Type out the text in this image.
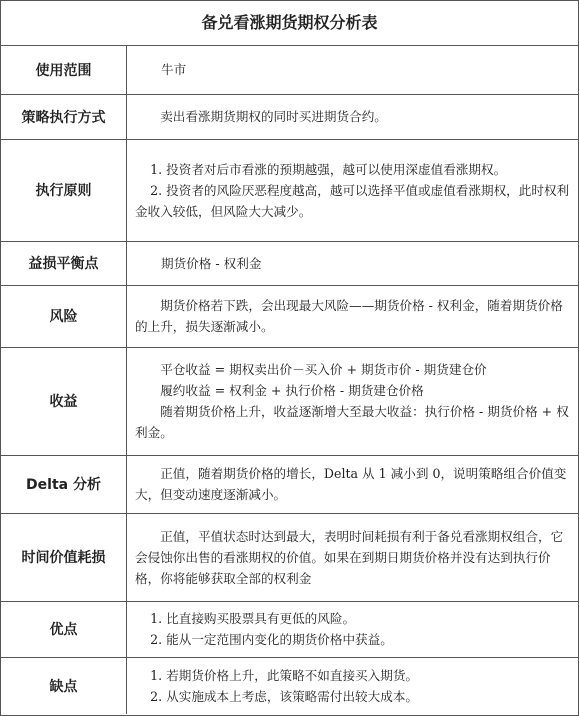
备兑看涨期货期权分析表
使用范围	牛市

策略执行方式	卖出看涨期货期权的同时买进期货合约。

执行原则	1. 投资者对后市看涨的预期越强，越可以使用深虚值看涨期权。

2. 投资者的风险厌恶程度越高，越可以选择平值或虚值看涨期权，此时权利金收入较低，但风险大大减少。

益损平衡点	期货价格 - 权利金

风险	期货价格若下跌，会出现最大风险——期货价格 - 权利金，随着期货价格的上升，损失逐渐减小。

收益	平仓收益 = 期权卖出价－买入价 + 期货市价 - 期货建仓价

履约收益 = 权利金 + 执行价格 - 期货建仓价格

随着期货价格上升，收益逐渐增大至最大收益：执行价格 - 期货价格 + 权利金。

Delta 分析	正值，随着期货价格的增长，Delta 从 1 减小到 0，说明策略组合价值变大，但变动速度逐渐减小。

时间价值耗损	正值，平值状态时达到最大，表明时间耗损有利于备兑看涨期权组合，它会侵蚀你出售的看涨期权的价值。如果在到期日期货价格并没有达到执行价格，你将能够获取全部的权利金

优点	1. 比直接购买股票具有更低的风险。

2. 能从一定范围内变化的期货价格中获益。

缺点	1. 若期货价格上升，此策略不如直接买入期货。

2. 从实施成本上考虑，该策略需付出较大成本。
